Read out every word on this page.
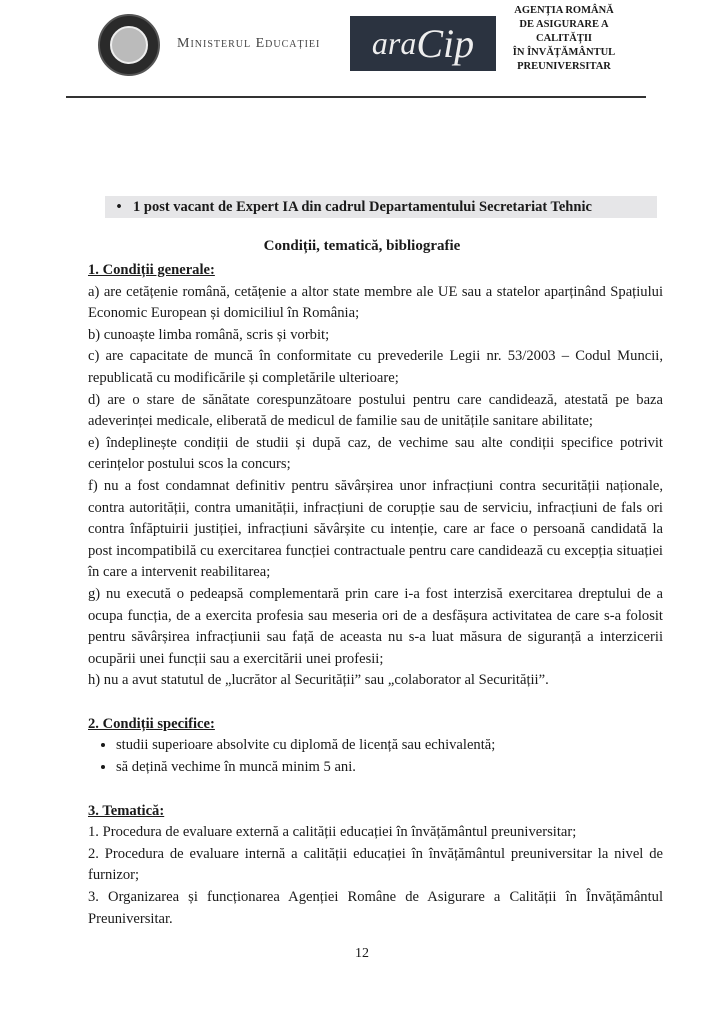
Ministerul Educației	ara Cip
AGENȚIA ROMÂNĂ
DE ASIGURARE A
CALITĂȚII
ÎN ÎNVĂȚĂMÂNTUL
PREUNIVERSITAR
• 1 post vacant de Expert IA din cadrul Departamentului Secretariat Tehnic
Condiții, tematică, bibliografie
1. Condiții generale:

a) are cetățenie română, cetățenie a altor state membre ale UE sau a statelor aparținând Spațiului Economic European și domiciliul în România;

b) cunoaște limba română, scris și vorbit;

c) are capacitate de muncă în conformitate cu prevederile Legii nr. 53/2003 – Codul Muncii, republicată cu modificările și completările ulterioare;

d) are o stare de sănătate corespunzătoare postului pentru care candidează, atestată pe baza adeverinței medicale, eliberată de medicul de familie sau de unitățile sanitare abilitate;

e) îndeplinește condiții de studii și după caz, de vechime sau alte condiții specifice potrivit cerințelor postului scos la concurs;

f) nu a fost condamnat definitiv pentru săvârșirea unor infracțiuni contra securității naționale, contra autorității, contra umanității, infracțiuni de corupție sau de serviciu, infracțiuni de fals ori contra înfăptuirii justiției, infracțiuni săvârșite cu intenție, care ar face o persoană candidată la post incompatibilă cu exercitarea funcției contractuale pentru care candidează cu excepția situației în care a intervenit reabilitarea;

g) nu execută o pedeapsă complementară prin care i-a fost interzisă exercitarea dreptului de a ocupa funcția, de a exercita profesia sau meseria ori de a desfășura activitatea de care s-a folosit pentru săvârșirea infracțiunii sau față de aceasta nu s-a luat măsura de siguranță a interzicerii ocupării unei funcții sau a exercitării unei profesii;

h) nu a avut statutul de „lucrător al Securității” sau „colaborator al Securității”.

2. Condiții specifice:
• studii superioare absolvite cu diplomă de licență sau echivalentă;
• să dețină vechime în muncă minim 5 ani.
3. Tematică:

1. Procedura de evaluare externă a calității educației în învățământul preuniversitar;

2. Procedura de evaluare internă a calității educației în învățământul preuniversitar la nivel de furnizor;

3. Organizarea și funcționarea Agenției Române de Asigurare a Calității în Învățământul Preuniversitar.

12
